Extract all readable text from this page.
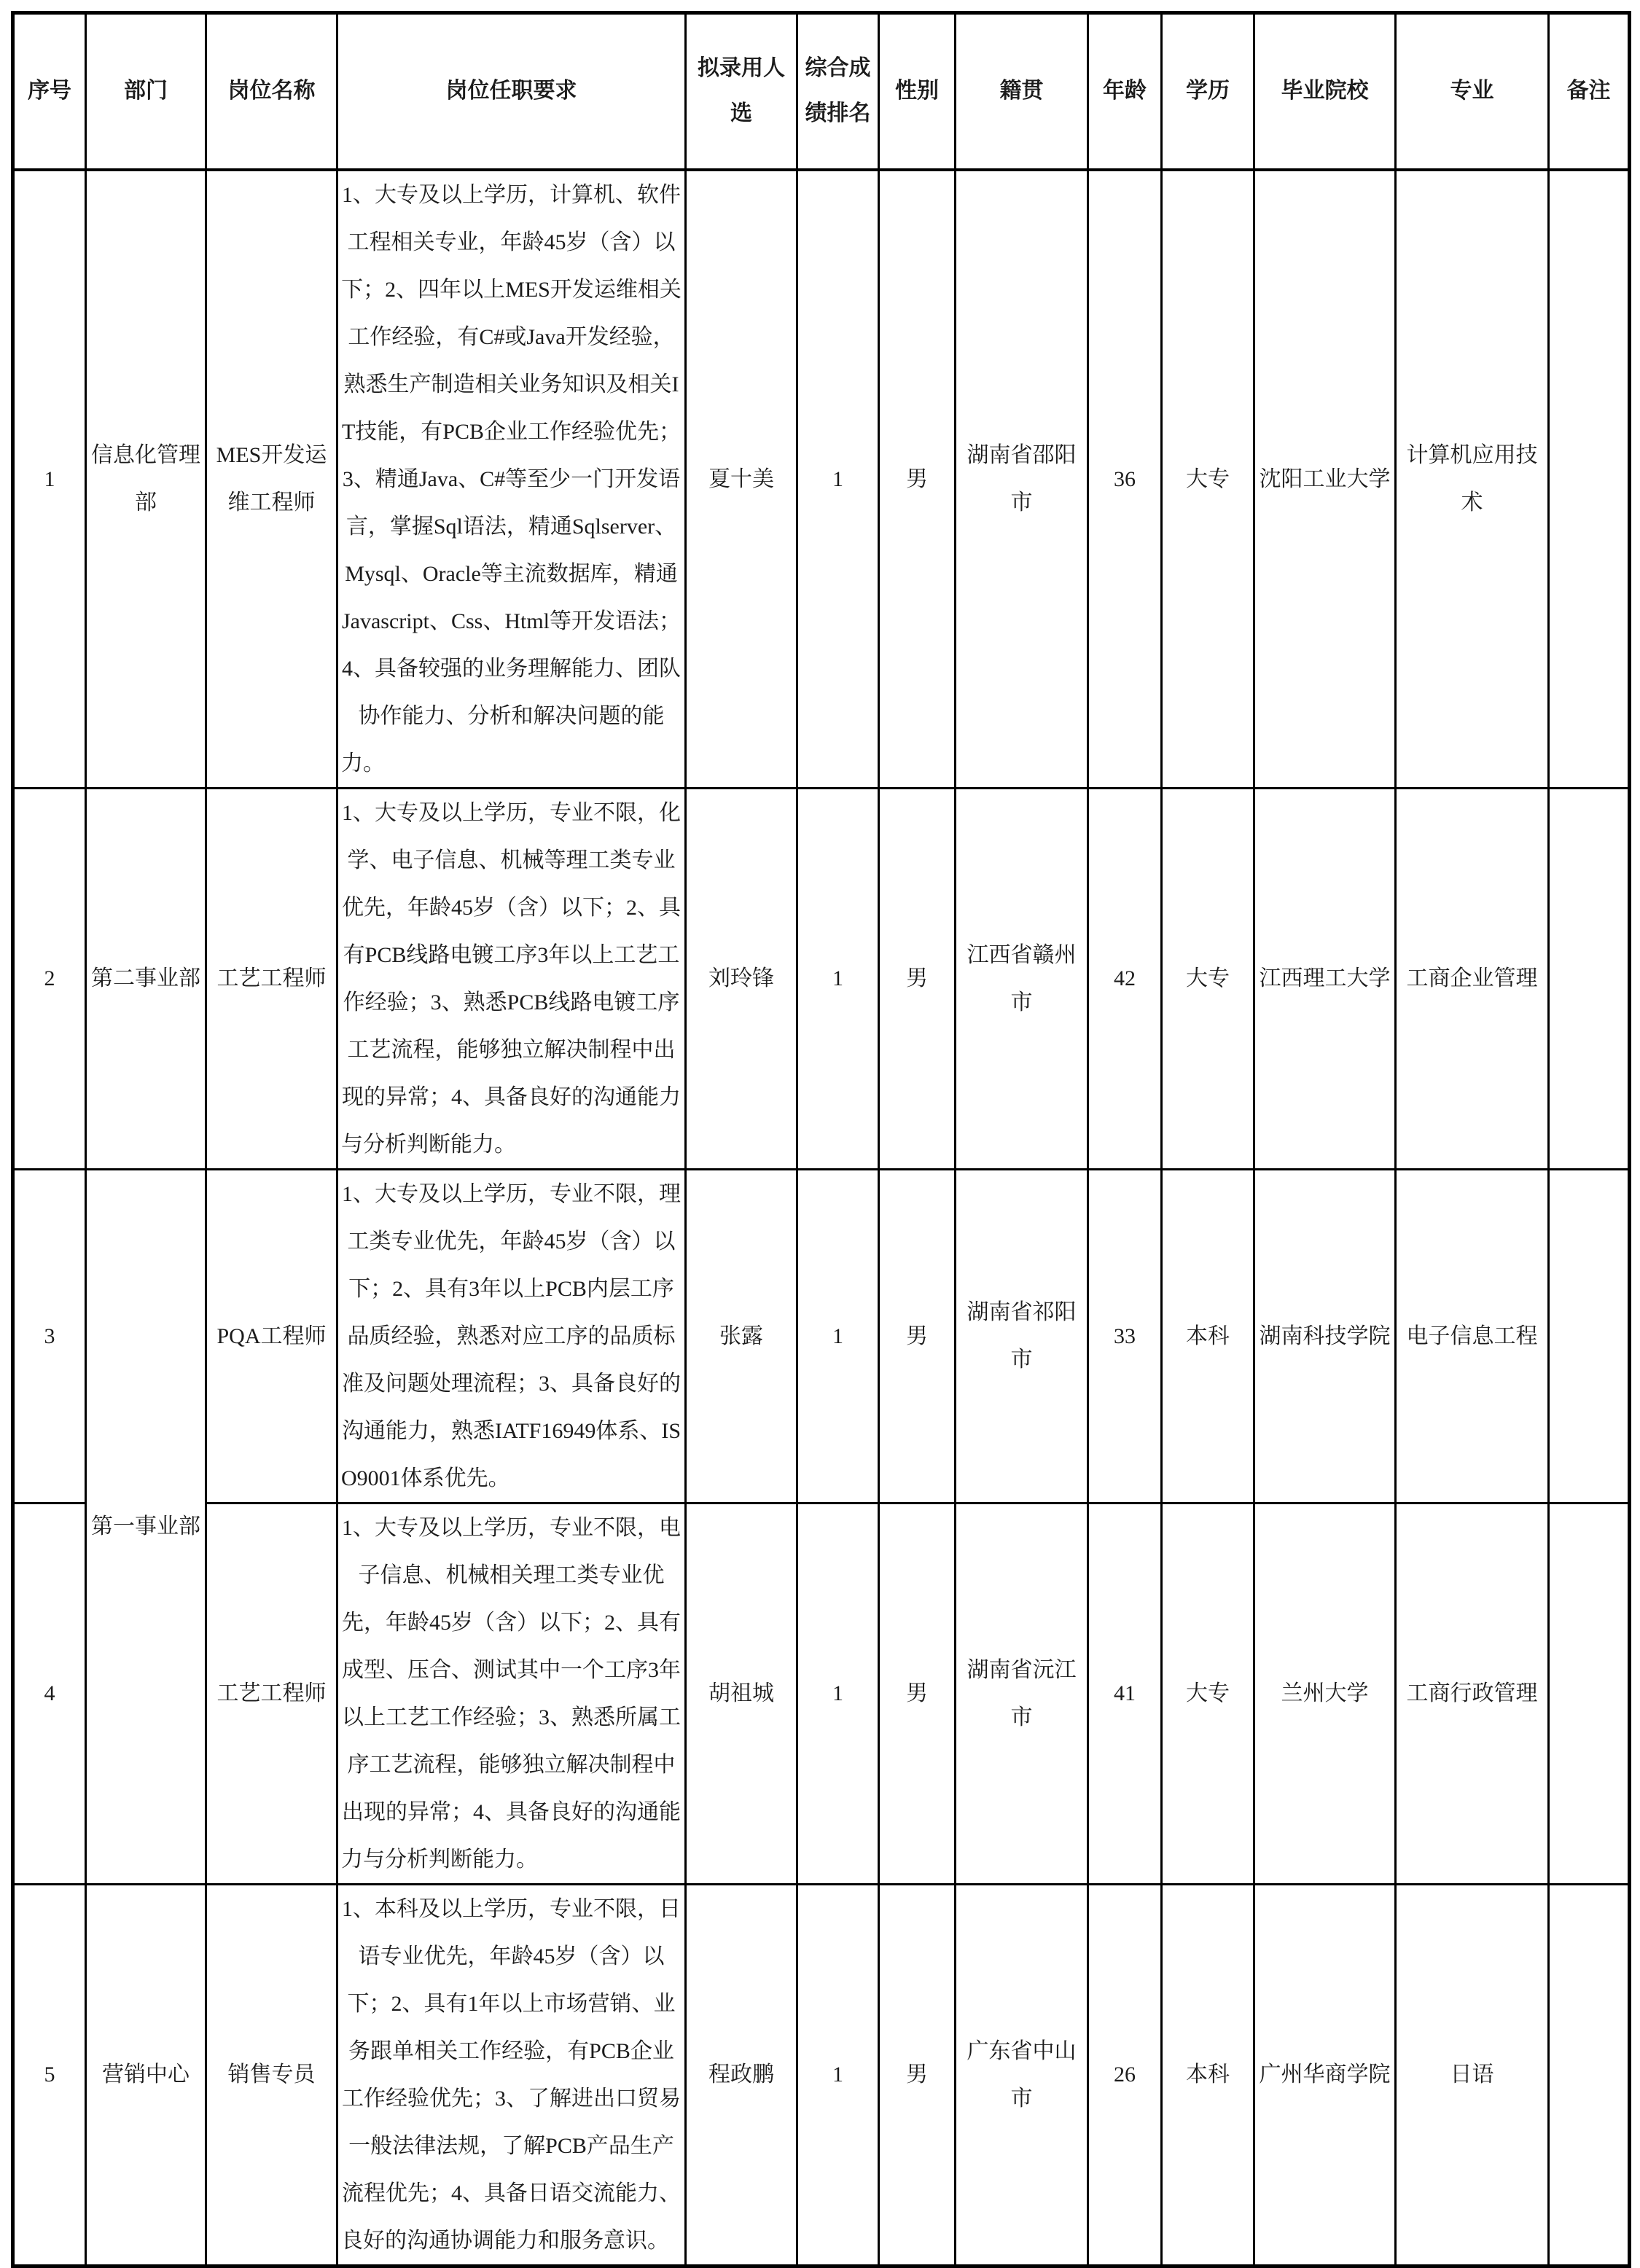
序号	部门	岗位名称	岗位任职要求	拟录用人选	综合成绩排名	性别	籍贯	年龄	学历	毕业院校	专业	备注
1	信息化管理部	MES开发运维工程师	1、大专及以上学历，计算机、软件工程相关专业，年龄45岁（含）以下；2、四年以上MES开发运维相关工作经验，有C#或Java开发经验，熟悉生产制造相关业务知识及相关IT技能，有PCB企业工作经验优先；3、精通Java、C#等至少一门开发语言，掌握Sql语法，精通Sqlserver、Mysql、Oracle等主流数据库，精通Javascript、Css、Html等开发语法；4、具备较强的业务理解能力、团队协作能力、分析和解决问题的能力。	夏十美	1	男	湖南省邵阳市	36	大专	沈阳工业大学	计算机应用技术	
2	第二事业部	工艺工程师	1、大专及以上学历，专业不限，化学、电子信息、机械等理工类专业优先，年龄45岁（含）以下；2、具有PCB线路电镀工序3年以上工艺工作经验；3、熟悉PCB线路电镀工序工艺流程，能够独立解决制程中出现的异常；4、具备良好的沟通能力与分析判断能力。	刘玲锋	1	男	江西省赣州市	42	大专	江西理工大学	工商企业管理	
3	第一事业部	PQA工程师	1、大专及以上学历，专业不限，理工类专业优先，年龄45岁（含）以下；2、具有3年以上PCB内层工序品质经验，熟悉对应工序的品质标准及问题处理流程；3、具备良好的沟通能力，熟悉IATF16949体系、ISO9001体系优先。	张露	1	男	湖南省祁阳市	33	本科	湖南科技学院	电子信息工程	
4		工艺工程师	1、大专及以上学历，专业不限，电子信息、机械相关理工类专业优先，年龄45岁（含）以下；2、具有成型、压合、测试其中一个工序3年以上工艺工作经验；3、熟悉所属工序工艺流程，能够独立解决制程中出现的异常；4、具备良好的沟通能力与分析判断能力。	胡祖城	1	男	湖南省沅江市	41	大专	兰州大学	工商行政管理	
5	营销中心	销售专员	1、本科及以上学历，专业不限，日语专业优先，年龄45岁（含）以下；2、具有1年以上市场营销、业务跟单相关工作经验，有PCB企业工作经验优先；3、了解进出口贸易一般法律法规，了解PCB产品生产流程优先；4、具备日语交流能力、良好的沟通协调能力和服务意识。	程政鹏	1	男	广东省中山市	26	本科	广州华商学院	日语	
